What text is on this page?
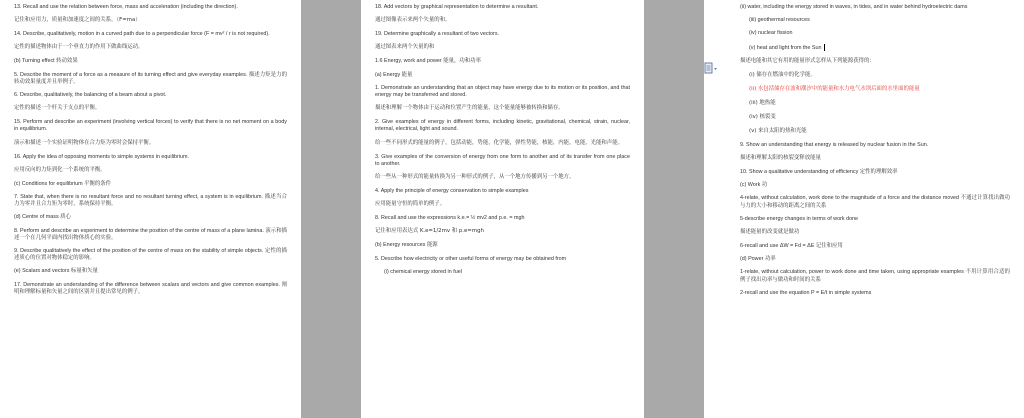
13. Recall and use the relation between force, mass and acceleration (including the direction).
记住和应用力，质量和加速度之间的关系。（F=ma）
14. Describe, qualitatively, motion in a curved path due to a perpendicular force (F = mv² / r is not required).
定性的描述物体由于一个垂直力的作用下做曲线运动。
(b) Turning effect 转动效果
5. Describe the moment of a force as a measure of its turning effect and give everyday examples. 描述力矩是力的转动效果量度并且举例子。
6. Describe, qualitatively, the balancing of a beam about a pivot.
定性的描述一个杆关于支点的平衡。
15. Perform and describe an experiment (involving vertical forces) to verify that there is no net moment on a body in equilibrium.
演示和描述一个实验证明物体在合力矩为零时会保持平衡。
16. Apply the idea of opposing moments to simple systems in equilibrium.
应用反向的力矩到化一个系统的平衡。
(c) Conditions for equilibrium 平衡的条件
7. State that, when there is no resultant force and no resultant turning effect, a system is in equilibrium. 描述当合力为零并且合力矩为零时，系统保持平衡。
(d) Centre of mass 质心
8. Perform and describe an experiment to determine the position of the centre of mass of a plane lamina. 演示和描述一个在几何平面内找出物体质心的实验。
9. Describe qualitatively the effect of the position of the centre of mass on the stability of simple objects. 定性的描述质心的位置对物体稳定的影响。
(e) Scalars and vectors 标量和矢量
17. Demonstrate an understanding of the difference between scalars and vectors and give common examples. 阐明和理解标量和矢量之间的区别并且提出常见的例子。
18. Add vectors by graphical representation to determine a resultant.
通过图像表示来两个矢量的和。
19. Determine graphically a resultant of two vectors.
通过图表来两个矢量的和
1.6 Energy, work and power 能量，功和功率
(a) Energy 能量
1. Demonstrate an understanding that an object may have energy due to its motion or its position, and that energy may be transferred and stored.
描述和理解一个物体由于运动和位置产生的能量，这个能量能够被转换和储存。
2. Give examples of energy in different forms, including kinetic, gravitational, chemical, strain, nuclear, internal, electrical, light and sound.
给一些不同形式的能量的例子，包括动能，势能，化学能，弹性势能，核能，内能，电能，光能和声能。
3. Give examples of the conversion of energy from one form to another and of its transfer from one place to another.
给一些从一种形式的能量转换为另一种形式的例子，从一个地方传播到另一个地方。
4. Apply the principle of energy conservation to simple examples
应用能量守恒的简单的例子。
8. Recall and use the expressions k.e.= ½ mv2 and p.e. = mgh
记住和应用表达式 K.e=1/2mv 和 p.e=mgh
(b) Energy resources 能源
5. Describe how electricity or other useful forms of energy may be obtained from
(i) chemical energy stored in fuel
(ii) water, including the energy stored in waves, in tides, and in water behind hydroelectric dams
(iii) geothermal resources
(iv) nuclear fission
(v) heat and light from the Sun
描述电能和其它有用的能量形式怎样从下列能源获得的：
(i) 储存在燃油中的化学能。
(ii) 水包括储存在波和潮汐中的能量和水力电气水坝后面的水里面的能量
(iii) 地热能
(iv) 核裂变
(v) 来自太阳的热和光能
9. Show an understanding that energy is released by nuclear fusion in the Sun.
描述和理解太阳的核裂变释放能量
10. Show a qualitative understanding of efficiency 定性的理解效率
(c) Work 功
4-relate, without calculation, work done to the magnitude of a force and the distance moved 不通过计算找出做功与力的大小和移动的距离之间的关系
5-describe energy changes in terms of work done
描述能量的改变就是做功
6-recall and use ΔW = Fd = ΔE 记住和应用
(d) Power 功率
1-relate, without calculation, power to work done and time taken, using appropriate examples 不用计算用合适的例子找出功率与做功和时间的关系
2-recall and use the equation P = E/t in simple systems
